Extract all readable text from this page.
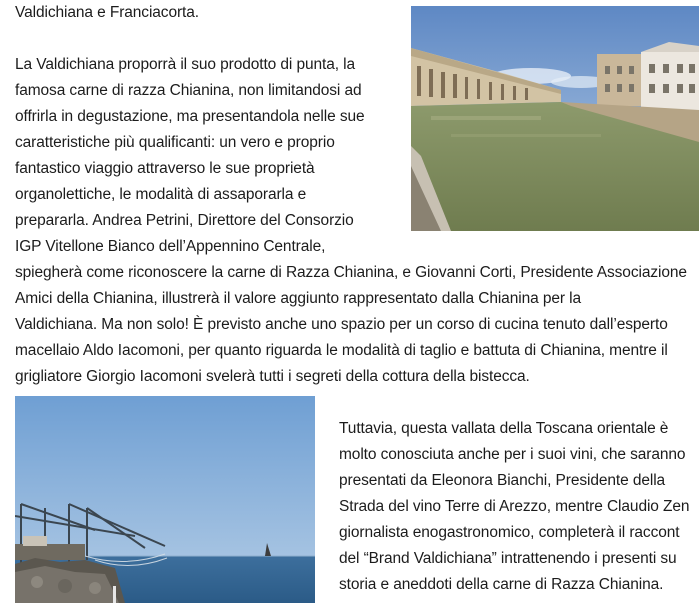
Valdichiana e Franciacorta.
La Valdichiana proporrà il suo prodotto di punta, la
famosa carne di razza Chianina, non limitandosi ad
offrirla in degustazione, ma presentandola nelle sue
caratteristiche più qualificanti: un vero e proprio
fantastico viaggio attraverso le sue proprietà
organolettiche, le modalità di assaporarla e
prepararla. Andrea Petrini, Direttore del Consorzio
IGP Vitellone Bianco dell’Appennino Centrale,
spiegherà come riconoscere la carne di Razza Chianina, e Giovanni Corti, Presidente Associazione
Amici della Chianina, illustrerà il valore aggiunto rappresentato dalla Chianina per la
Valdichiana. Ma non solo! È previsto anche uno spazio per un corso di cucina tenuto dall’esperto
macellaio Aldo Iacomoni, per quanto riguarda le modalità di taglio e battuta di Chianina, mentre il
grigliatore Giorgio Iacomoni svelerà tutti i segreti della cottura della bistecca.
Tuttavia, questa vallata della Toscana orientale è
molto conosciuta anche per i suoi vini, che saranno
presentati da Eleonora Bianchi, Presidente della
Strada del vino Terre di Arezzo, mentre Claudio Zen
giornalista enogastronomico, completerà il raccont
del “Brand Valdichiana” intrattenendo i presenti su
storia e aneddoti della carne di Razza Chianina.
